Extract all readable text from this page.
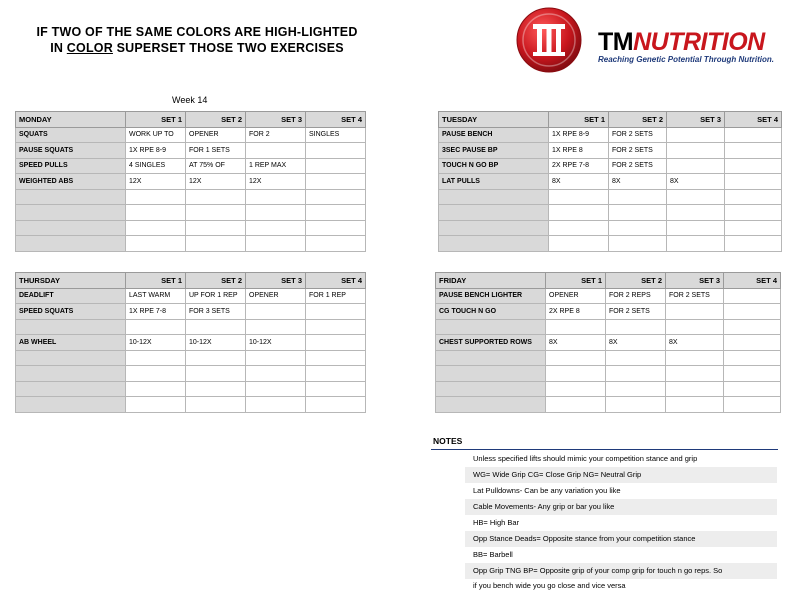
IF TWO OF THE SAME COLORS ARE HIGH-LIGHTED
IN COLOR SUPERSET THOSE TWO EXERCISES
Week 14
TMNUTRITION
Reaching Genetic Potential Through Nutrition.
MONDAY	SET 1	SET 2	SET 3	SET 4
SQUATS	WORK UP TO	OPENER	FOR 2	SINGLES
PAUSE SQUATS	1X RPE 8-9	FOR 1 SETS		
SPEED PULLS	4 SINGLES	AT 75% OF	1 REP MAX	
WEIGHTED ABS	12X	12X	12X	

TUESDAY	SET 1	SET 2	SET 3	SET 4
PAUSE BENCH	1X RPE 8-9	FOR 2 SETS		
3SEC PAUSE BP	1X RPE 8	FOR 2 SETS		
TOUCH N GO BP	2X RPE 7-8	FOR 2 SETS		
LAT PULLS	8X	8X	8X	

THURSDAY	SET 1	SET 2	SET 3	SET 4
DEADLIFT	LAST WARM	UP FOR 1 REP	OPENER	FOR 1 REP
SPEED SQUATS	1X RPE 7-8	FOR 3 SETS		

AB WHEEL	10-12X	10-12X	10-12X	

FRIDAY	SET 1	SET 2	SET 3	SET 4
PAUSE BENCH LIGHTER	OPENER	FOR 2 REPS	FOR 2 SETS	
CG TOUCH N GO	2X RPE 8	FOR 2 SETS		

CHEST SUPPORTED ROWS	8X	8X	8X	

NOTES
Unless specified lifts should mimic your competition stance and grip
WG= Wide Grip CG= Close Grip NG= Neutral Grip
Lat Pulldowns- Can be any variation you like
Cable Movements- Any grip or bar you like
HB= High Bar
Opp Stance Deads= Opposite stance from your competition stance
BB= Barbell
Opp Grip TNG BP= Opposite grip of your comp grip for touch n go reps. So
if you bench wide you go close and vice versa
